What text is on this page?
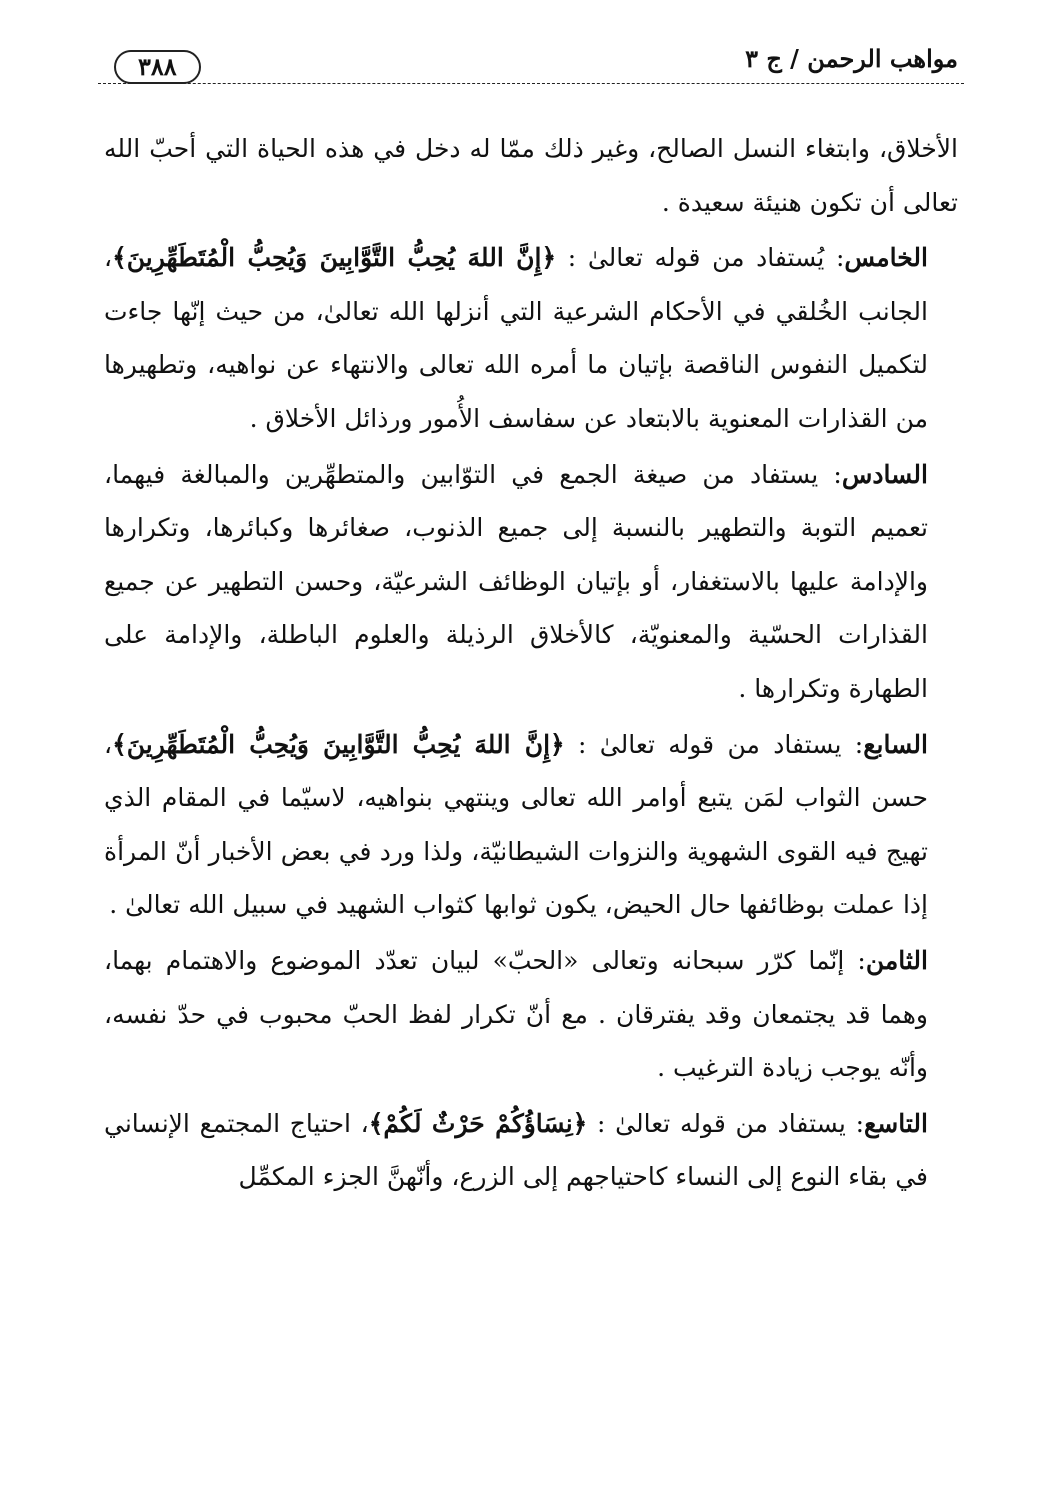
مواهب الرحمن / ج ٣
٣٨٨

الأخلاق، وابتغاء النسل الصالح، وغير ذلك ممّا له دخل في هذه الحياة التي أحبّ الله تعالى أن تكون هنيئة سعيدة .

الخامس: يُستفاد من قوله تعالىٰ : ﴿إِنَّ اللهَ يُحِبُّ التَّوَّابِينَ وَيُحِبُّ الْمُتَطَهِّرِينَ﴾، الجانب الخُلقي في الأحكام الشرعية التي أنزلها الله تعالىٰ، من حيث إنّها جاءت لتكميل النفوس الناقصة بإتيان ما أمره الله تعالى والانتهاء عن نواهيه، وتطهيرها من القذارات المعنوية بالابتعاد عن سفاسف الأُمور ورذائل الأخلاق .

السادس: يستفاد من صيغة الجمع في التوّابين والمتطهِّرين والمبالغة فيهما، تعميم التوبة والتطهير بالنسبة إلى جميع الذنوب، صغائرها وكبائرها، وتكرارها والإدامة عليها بالاستغفار، أو بإتيان الوظائف الشرعيّة، وحسن التطهير عن جميع القذارات الحسّية والمعنويّة، كالأخلاق الرذيلة والعلوم الباطلة، والإدامة على الطهارة وتكرارها .

السابع: يستفاد من قوله تعالىٰ : ﴿إِنَّ اللهَ يُحِبُّ التَّوَّابِينَ وَيُحِبُّ الْمُتَطَهِّرِينَ﴾، حسن الثواب لمَن يتبع أوامر الله تعالى وينتهي بنواهيه، لاسيّما في المقام الذي تهيج فيه القوى الشهوية والنزوات الشيطانيّة، ولذا ورد في بعض الأخبار أنّ المرأة إذا عملت بوظائفها حال الحيض، يكون ثوابها كثواب الشهيد في سبيل الله تعالىٰ .

الثامن: إنّما كرّر سبحانه وتعالى «الحبّ» لبيان تعدّد الموضوع والاهتمام بهما، وهما قد يجتمعان وقد يفترقان . مع أنّ تكرار لفظ الحبّ محبوب في حدّ نفسه، وأنّه يوجب زيادة الترغيب .

التاسع: يستفاد من قوله تعالىٰ : ﴿نِسَاؤُكُمْ حَرْثٌ لَكُمْ﴾، احتياج المجتمع الإنساني في بقاء النوع إلى النساء كاحتياجهم إلى الزرع، وأنّهنَّ الجزء المكمِّل
